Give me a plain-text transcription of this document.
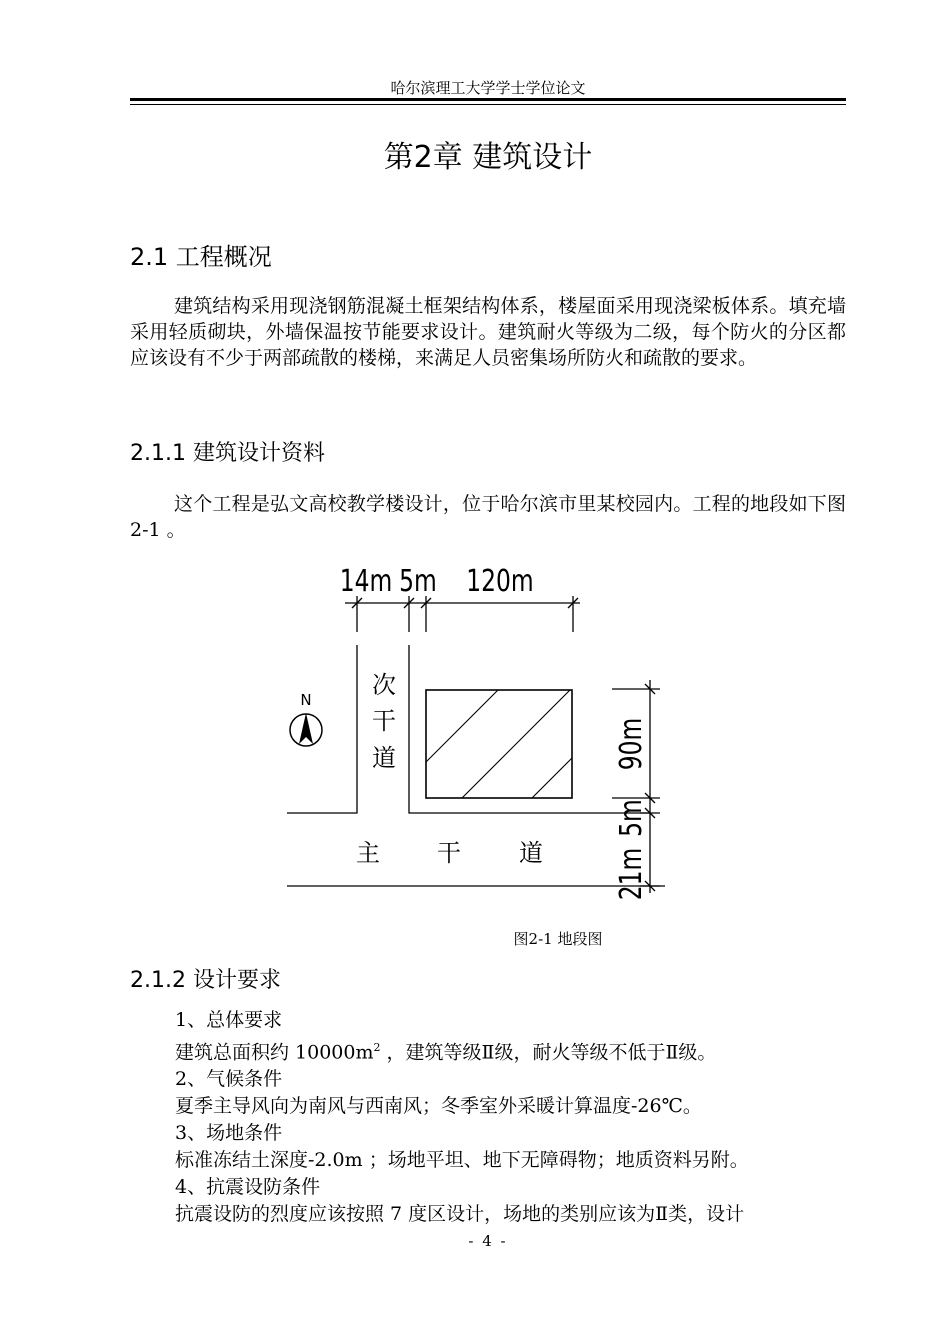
哈尔滨理工大学学士学位论文
第2章 建筑设计
2.1 工程概况
建筑结构采用现浇钢筋混凝土框架结构体系，楼屋面采用现浇梁板体系。填充墙采用轻质砌块，外墙保温按节能要求设计。建筑耐火等级为二级，每个防火的分区都应该设有不少于两部疏散的楼梯，来满足人员密集场所防火和疏散的要求。
2.1.1 建筑设计资料
这个工程是弘文高校教学楼设计，位于哈尔滨市里某校园内。工程的地段如下图 2-1 。
N
14m 5m 120m
90m
5m
21m
次
干
道
主 干 道
图2-1 地段图
2.1.2 设计要求
1、总体要求
建筑总面积约 $10000m^2$ ，建筑等级Ⅱ级，耐火等级不低于Ⅱ级。
2、气候条件
夏季主导风向为南风与西南风；冬季室外采暖计算温度-26℃。
3、场地条件
标准冻结土深度-2.0m ；场地平坦、地下无障碍物；地质资料另附。
4、抗震设防条件
抗震设防的烈度应该按照 7 度区设计，场地的类别应该为Ⅱ类，设计
- 4 -
